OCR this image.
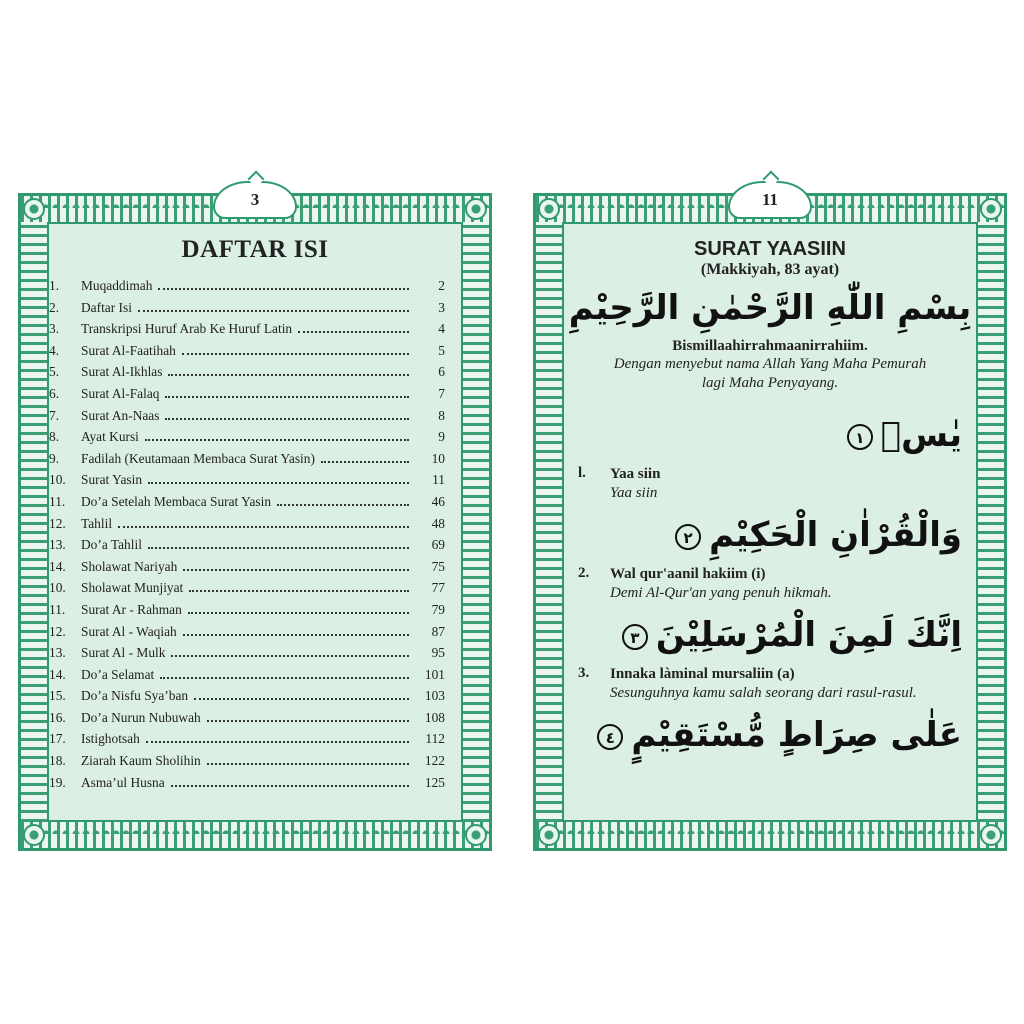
3
DAFTAR ISI
1.	Muqaddimah	2
2.	Daftar Isi	3
3.	Transkripsi Huruf Arab Ke Huruf Latin	4
4.	Surat Al-Faatihah	5
5.	Surat Al-Ikhlas	6
6.	Surat Al-Falaq	7
7.	Surat An-Naas	8
8.	Ayat Kursi	9
9.	Fadilah (Keutamaan Membaca Surat Yasin)	10
10.	Surat Yasin	11
11.	Do’a Setelah Membaca Surat Yasin	46
12.	Tahlil	48
13.	Do’a Tahlil	69
14.	Sholawat Nariyah	75
10.	Sholawat Munjiyat	77
11.	Surat Ar - Rahman	79
12.	Surat Al - Waqiah	87
13.	Surat Al - Mulk	95
14.	Do’a Selamat	101
15.	Do’a Nisfu Sya’ban	103
16.	Do’a Nurun Nubuwah	108
17.	Istighotsah	112
18.	Ziarah Kaum Sholihin	122
19.	Asma’ul Husna	125
11
SURAT YAASIIN
(Makkiyah, 83 ayat)
بِسْمِ اللّٰهِ الرَّحْمٰنِ الرَّحِيْمِ
Bismillaahirrahmaanirrahiim.
Dengan menyebut nama Allah Yang Maha Pemurah
lagi Maha Penyayang.
يٰسۤ١
l.	Yaa siin
Yaa siin
وَالْقُرْاٰنِ الْحَكِيْمِ٢
2.	Wal qur'aanil hakiim (i)
Demi Al-Qur'an yang penuh hikmah.
اِنَّكَ لَمِنَ الْمُرْسَلِيْنَ٣
3.	Innaka làminal mursaliin (a)
Sesunguhnya kamu salah seorang dari rasul-rasul.
عَلٰى صِرَاطٍ مُّسْتَقِيْمٍ٤
